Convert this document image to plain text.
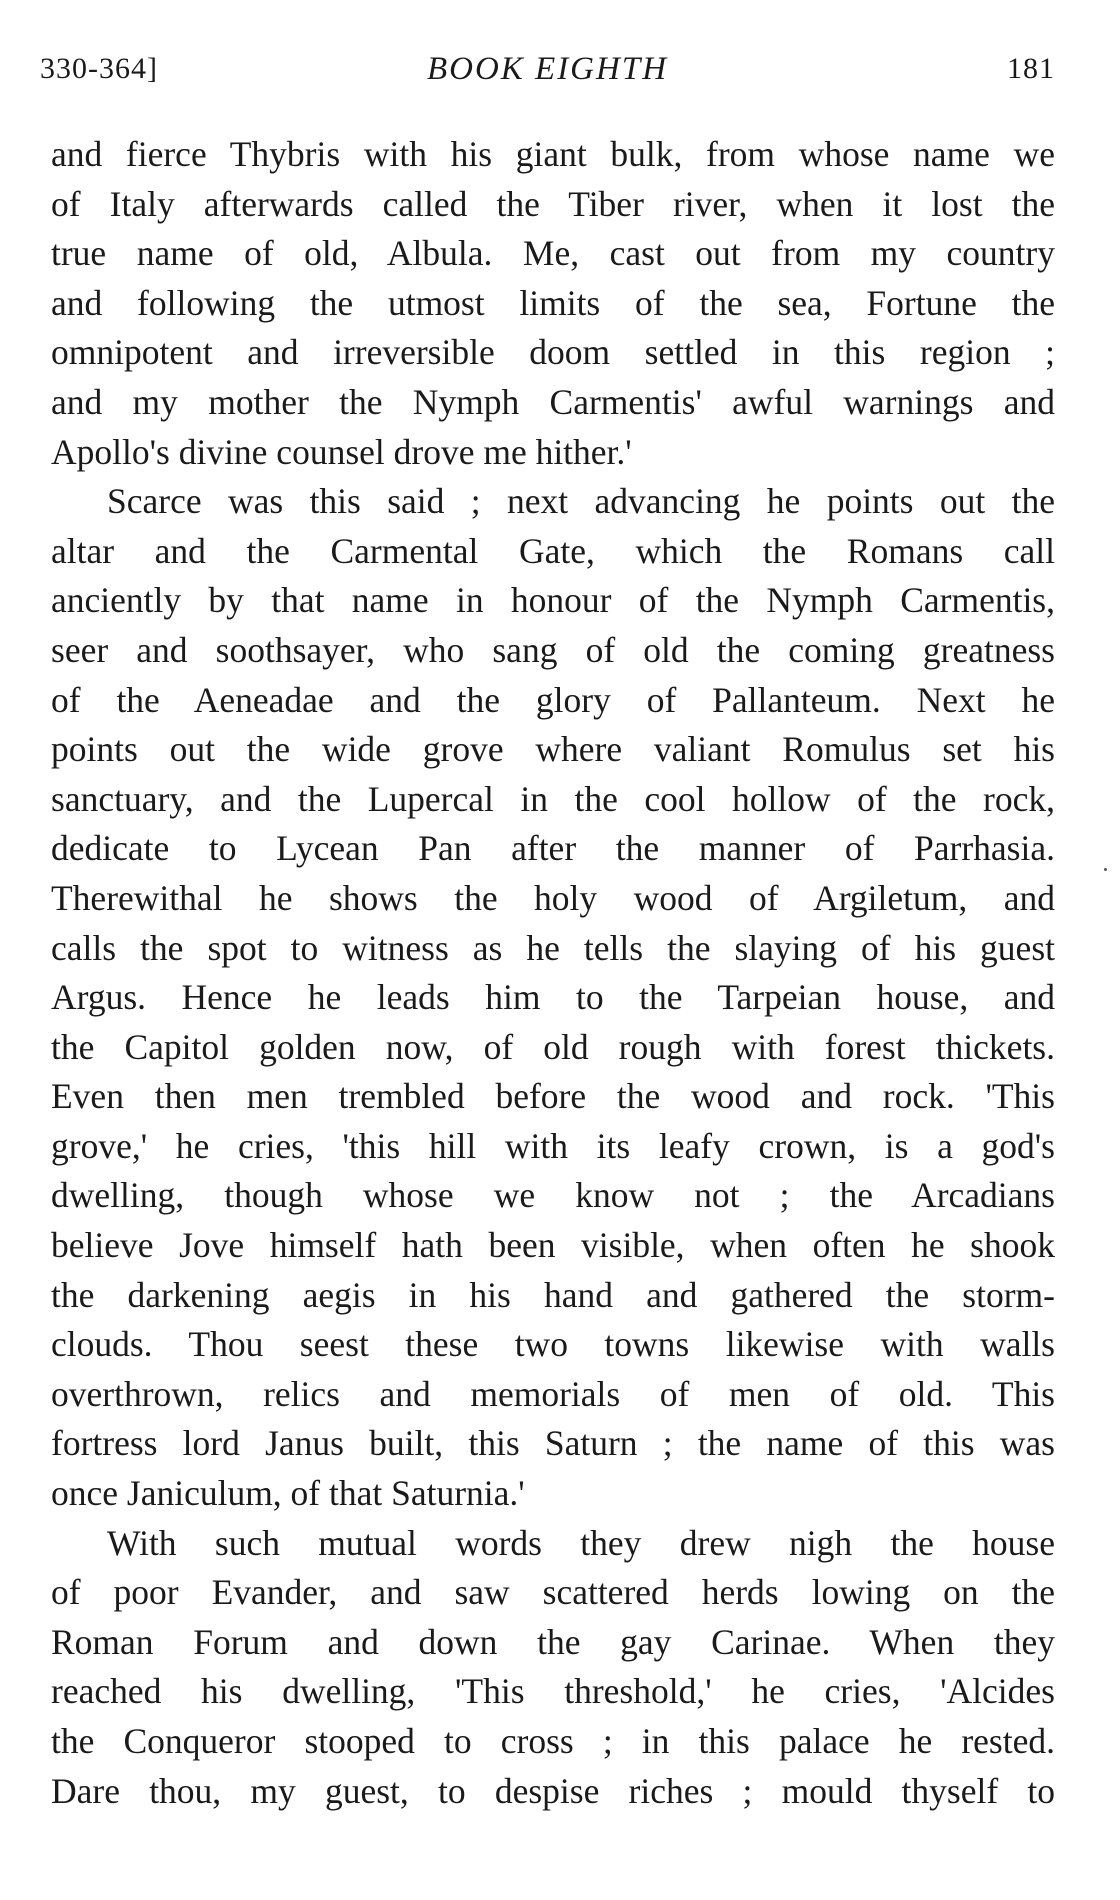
330-364]	BOOK EIGHTH	181
and fierce Thybris with his giant bulk, from whose name we
of Italy afterwards called the Tiber river, when it lost the
true name of old, Albula. Me, cast out from my country
and following the utmost limits of the sea, Fortune the
omnipotent and irreversible doom settled in this region ;
and my mother the Nymph Carmentis' awful warnings and
Apollo's divine counsel drove me hither.'
Scarce was this said ; next advancing he points out the
altar and the Carmental Gate, which the Romans call
anciently by that name in honour of the Nymph Carmentis,
seer and soothsayer, who sang of old the coming greatness
of the Aeneadae and the glory of Pallanteum. Next he
points out the wide grove where valiant Romulus set his
sanctuary, and the Lupercal in the cool hollow of the rock,
dedicate to Lycean Pan after the manner of Parrhasia.
Therewithal he shows the holy wood of Argiletum, and
calls the spot to witness as he tells the slaying of his guest
Argus. Hence he leads him to the Tarpeian house, and
the Capitol golden now, of old rough with forest thickets.
Even then men trembled before the wood and rock. 'This
grove,' he cries, 'this hill with its leafy crown, is a god's
dwelling, though whose we know not ; the Arcadians
believe Jove himself hath been visible, when often he shook
the darkening aegis in his hand and gathered the storm-
clouds. Thou seest these two towns likewise with walls
overthrown, relics and memorials of men of old. This
fortress lord Janus built, this Saturn ; the name of this was
once Janiculum, of that Saturnia.'
With such mutual words they drew nigh the house
of poor Evander, and saw scattered herds lowing on the
Roman Forum and down the gay Carinae. When they
reached his dwelling, 'This threshold,' he cries, 'Alcides
the Conqueror stooped to cross ; in this palace he rested.
Dare thou, my guest, to despise riches ; mould thyself to
